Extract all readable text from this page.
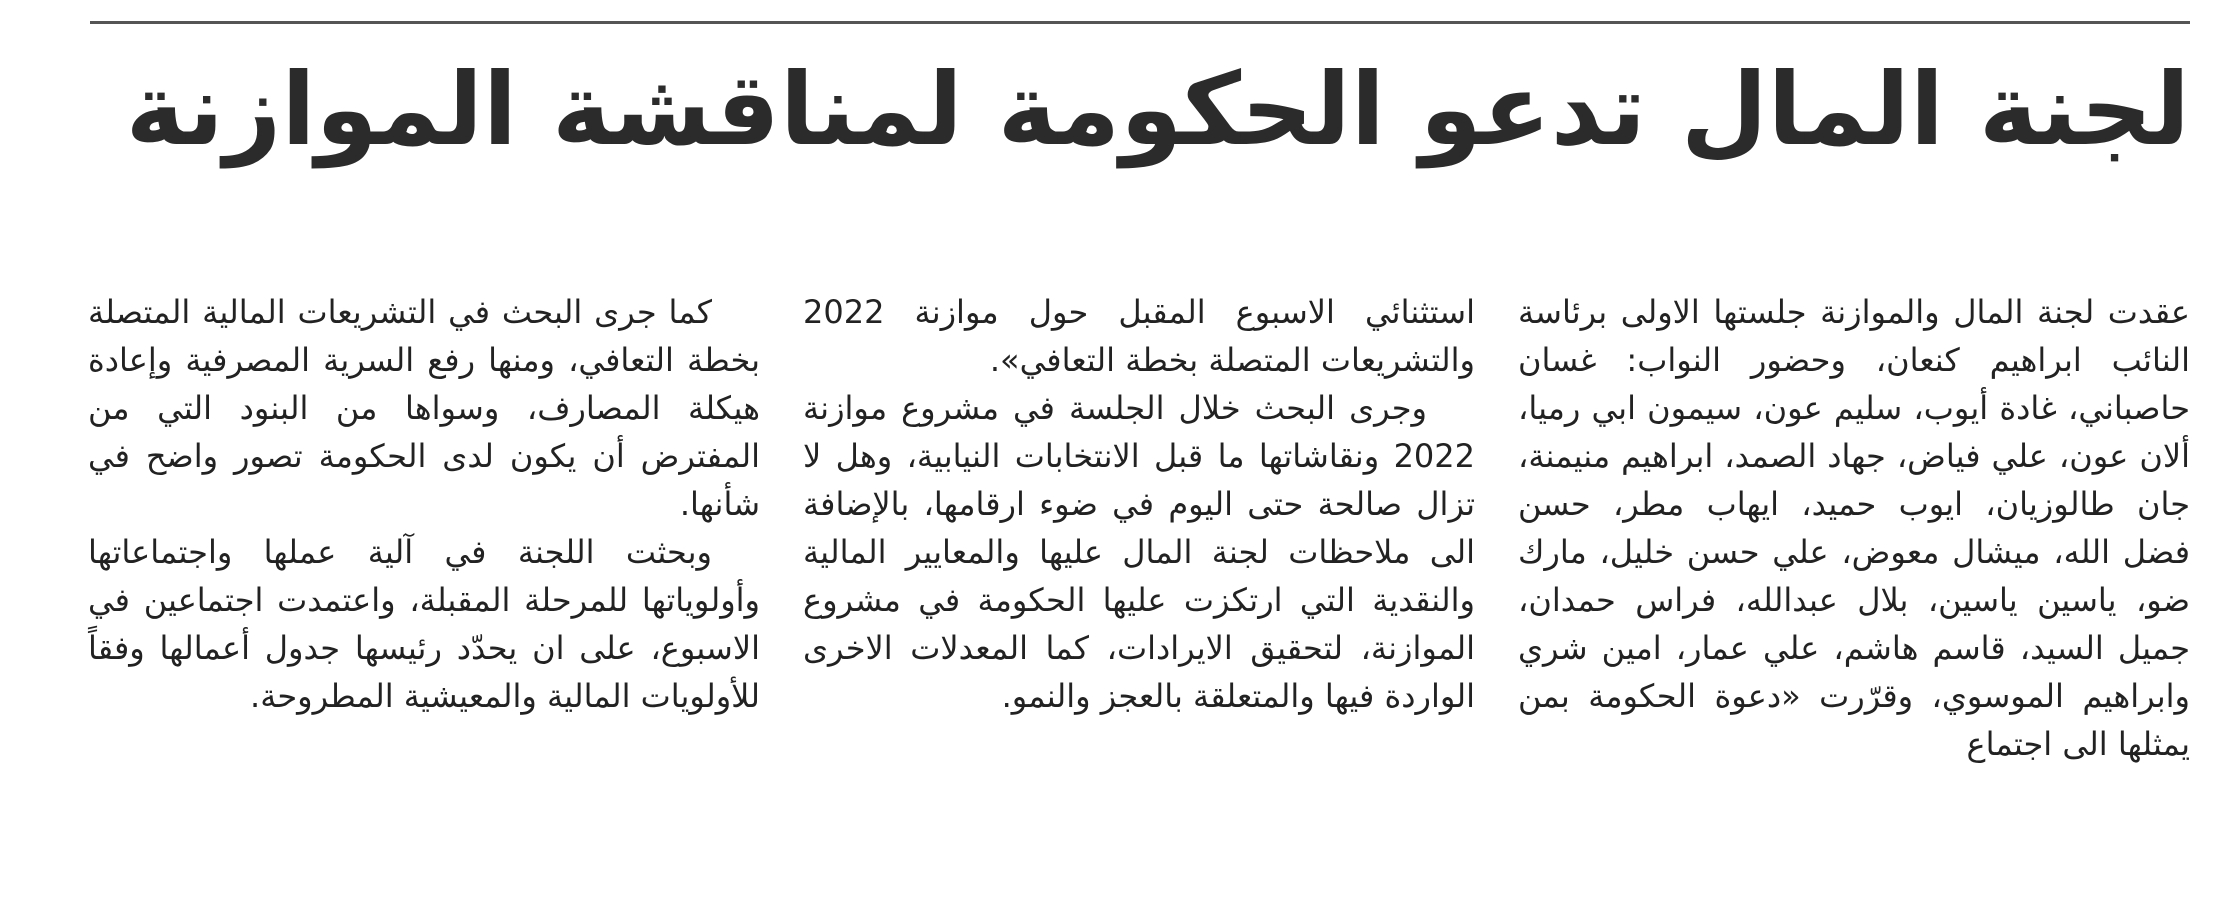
لجنة المال تدعو الحكومة لمناقشة الموازنة

عقدت لجنة المال والموازنة جلستها الاولى برئاسة النائب ابراهيم كنعان، وحضور النواب: غسان حاصباني، غادة أيوب، سليم عون، سيمون ابي رميا، ألان عون، علي فياض، جهاد الصمد، ابراهيم منيمنة، جان طالوزيان، ايوب حميد، ايهاب مطر، حسن فضل الله، ميشال معوض، علي حسن خليل، مارك ضو، ياسين ياسين، بلال عبدالله، فراس حمدان، جميل السيد، قاسم هاشم، علي عمار، امين شري وابراهيم الموسوي، وقرّرت «دعوة الحكومة بمن يمثلها الى اجتماع

استثنائي الاسبوع المقبل حول موازنة 2022 والتشريعات المتصلة بخطة التعافي».

وجرى البحث خلال الجلسة في مشروع موازنة 2022 ونقاشاتها ما قبل الانتخابات النيابية، وهل لا تزال صالحة حتى اليوم في ضوء ارقامها، بالإضافة الى ملاحظات لجنة المال عليها والمعايير المالية والنقدية التي ارتكزت عليها الحكومة في مشروع الموازنة، لتحقيق الايرادات، كما المعدلات الاخرى الواردة فيها والمتعلقة بالعجز والنمو.

كما جرى البحث في التشريعات المالية المتصلة بخطة التعافي، ومنها رفع السرية المصرفية وإعادة هيكلة المصارف، وسواها من البنود التي من المفترض أن يكون لدى الحكومة تصور واضح في شأنها.

وبحثت اللجنة في آلية عملها واجتماعاتها وأولوياتها للمرحلة المقبلة، واعتمدت اجتماعين في الاسبوع، على ان يحدّد رئيسها جدول أعمالها وفقاً للأولويات المالية والمعيشية المطروحة.
